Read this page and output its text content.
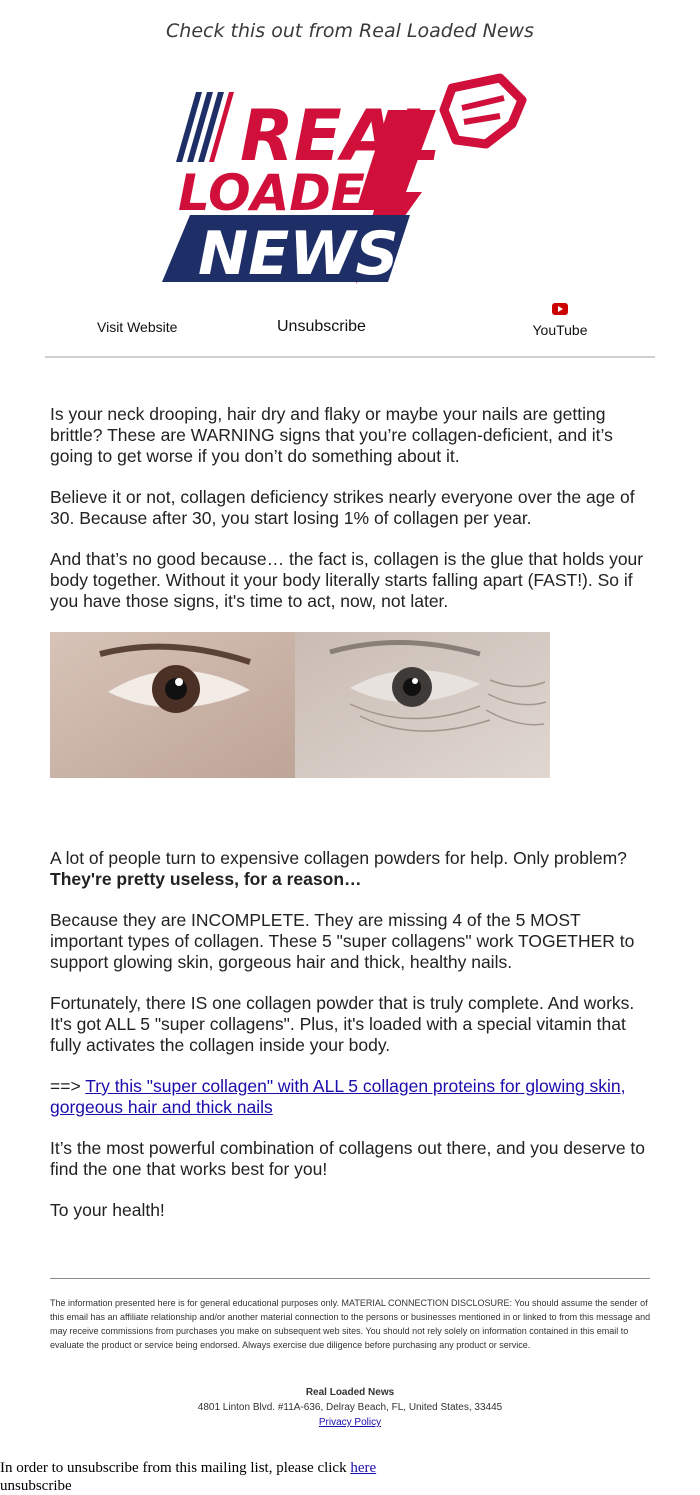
Check this out from Real Loaded News
REAL
LOADED
NEWS
Visit Website	Unsubscribe	YouTube

Is your neck drooping, hair dry and flaky or maybe your nails are getting brittle? These are WARNING signs that you’re collagen-deficient, and it’s going to get worse if you don’t do something about it.

Believe it or not, collagen deficiency strikes nearly everyone over the age of 30. Because after 30, you start losing 1% of collagen per year.

And that’s no good because… the fact is, collagen is the glue that holds your body together. Without it your body literally starts falling apart (FAST!). So if you have those signs, it's time to act, now, not later.

A lot of people turn to expensive collagen powders for help. Only problem? They're pretty useless, for a reason…

Because they are INCOMPLETE. They are missing 4 of the 5 MOST important types of collagen. These 5 "super collagens" work TOGETHER to support glowing skin, gorgeous hair and thick, healthy nails.

Fortunately, there IS one collagen powder that is truly complete. And works. It's got ALL 5 "super collagens". Plus, it's loaded with a special vitamin that fully activates the collagen inside your body.

==> Try this "super collagen" with ALL 5 collagen proteins for glowing skin, gorgeous hair and thick nails

It’s the most powerful combination of collagens out there, and you deserve to find the one that works best for you!

To your health!

The information presented here is for general educational purposes only. MATERIAL CONNECTION DISCLOSURE: You should assume the sender of this email has an affiliate relationship and/or another material connection to the persons or businesses mentioned in or linked to from this message and may receive commissions from purchases you make on subsequent web sites. You should not rely solely on information contained in this email to evaluate the product or service being endorsed. Always exercise due diligence before purchasing any product or service.
Real Loaded News
4801 Linton Blvd. #11A-636, Delray Beach, FL, United States, 33445
Privacy Policy
In order to unsubscribe from this mailing list, please click here
unsubscribe
